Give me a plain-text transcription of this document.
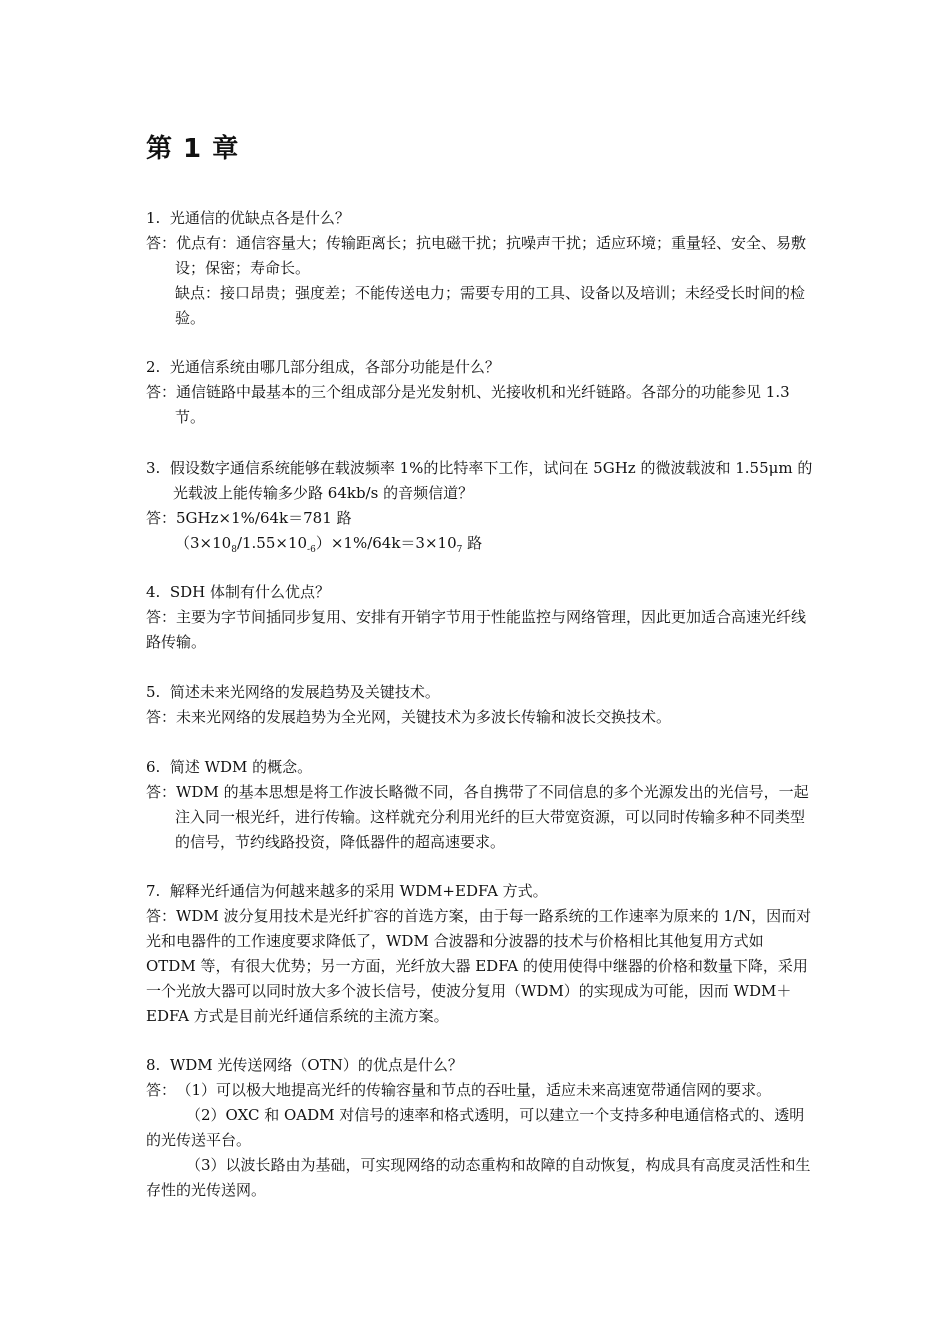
第 1 章

1.  光通信的优缺点各是什么？

答：优点有：通信容量大；传输距离长；抗电磁干扰；抗噪声干扰；适应环境；重量轻、安全、易敷设；保密；寿命长。

缺点：接口昂贵；强度差；不能传送电力；需要专用的工具、设备以及培训；未经受长时间的检验。

2.  光通信系统由哪几部分组成，各部分功能是什么？

答：通信链路中最基本的三个组成部分是光发射机、光接收机和光纤链路。各部分的功能参见 1.3 节。

3.  假设数字通信系统能够在载波频率 1%的比特率下工作，试问在 5GHz 的微波载波和 1.55μm 的光载波上能传输多少路 64kb/s 的音频信道？

答：5GHz×1%/64k＝781 路

$(3\times 10_8/1.55\times 10_{-6})\times 1\%/64k=3\times 10_7$ 路

4.  SDH 体制有什么优点？

答：主要为字节间插同步复用、安排有开销字节用于性能监控与网络管理，因此更加适合高速光纤线路传输。

5.  简述未来光网络的发展趋势及关键技术。

答：未来光网络的发展趋势为全光网，关键技术为多波长传输和波长交换技术。

6.  简述 WDM 的概念。

答：WDM 的基本思想是将工作波长略微不同，各自携带了不同信息的多个光源发出的光信号，一起注入同一根光纤，进行传输。这样就充分利用光纤的巨大带宽资源，可以同时传输多种不同类型的信号，节约线路投资，降低器件的超高速要求。

7.  解释光纤通信为何越来越多的采用 WDM+EDFA 方式。

答：WDM 波分复用技术是光纤扩容的首选方案，由于每一路系统的工作速率为原来的 1/N，因而对光和电器件的工作速度要求降低了，WDM 合波器和分波器的技术与价格相比其他复用方式如 OTDM 等，有很大优势；另一方面，光纤放大器 EDFA 的使用使得中继器的价格和数量下降，采用一个光放大器可以同时放大多个波长信号，使波分复用（WDM）的实现成为可能，因而 WDM＋EDFA 方式是目前光纤通信系统的主流方案。

8.  WDM 光传送网络（OTN）的优点是什么？

答： （1）可以极大地提高光纤的传输容量和节点的吞吐量，适应未来高速宽带通信网的要求。

（2）OXC 和 OADM 对信号的速率和格式透明，可以建立一个支持多种电通信格式的、透明的光传送平台。

（3）以波长路由为基础，可实现网络的动态重构和故障的自动恢复，构成具有高度灵活性和生存性的光传送网。
